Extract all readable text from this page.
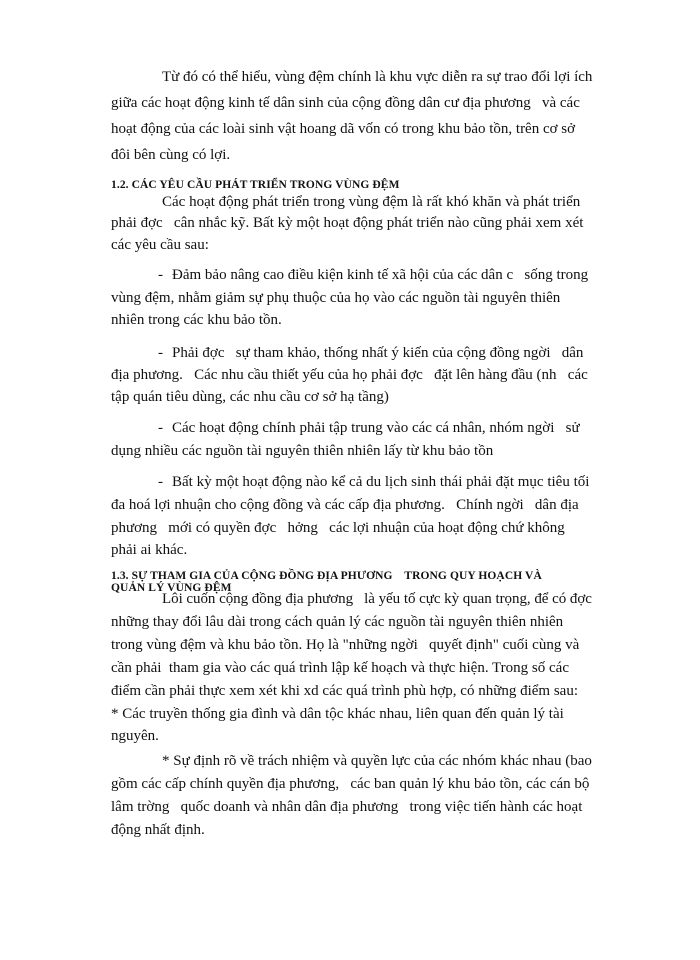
Từ đó có thể hiểu, vùng đệm chính là khu vực diễn ra sự trao đổi lợi ích
giữa các hoạt động kinh tế dân sinh của cộng đồng dân cư địa phương   và các
hoạt động của các loài sinh vật hoang dã vốn có trong khu bảo tồn, trên cơ sở
đôi bên cùng có lợi.
1.2. CÁC YÊU CẦU PHÁT TRIỂN TRONG VÙNG ĐỆM
Các hoạt động phát triển trong vùng đệm là rất khó khăn và phát triển
phải đợc   cân nhắc kỹ. Bất kỳ một hoạt động phát triển nào cũng phải xem xét
các yêu cầu sau:
- Đảm bảo nâng cao điều kiện kinh tế xã hội của các dân c   sống trong
vùng đệm, nhằm giảm sự phụ thuộc của họ vào các nguồn tài nguyên thiên
nhiên trong các khu bảo tồn.
- Phải đợc   sự tham khảo, thống nhất ý kiến của cộng đồng ngời   dân
địa phương.   Các nhu cầu thiết yếu của họ phải đợc   đặt lên hàng đầu (nh   các
tập quán tiêu dùng, các nhu cầu cơ sở hạ tầng)
- Các hoạt động chính phải tập trung vào các cá nhân, nhóm ngời   sử
dụng nhiều các nguồn tài nguyên thiên nhiên lấy từ khu bảo tồn
- Bất kỳ một hoạt động nào kể cả du lịch sinh thái phải đặt mục tiêu tối
đa hoá lợi nhuận cho cộng đồng và các cấp địa phương.   Chính ngời   dân địa
phương   mới có quyền đợc   hởng   các lợi nhuận của hoạt động chứ không
phải ai khác.
1.3. SỰ THAM GIA CỦA CỘNG ĐỒNG ĐỊA PHƯƠNG    TRONG QUY HOẠCH VÀ
QUẢN LÝ VÙNG ĐỆM
Lôi cuốn cộng đồng địa phương   là yếu tố cực kỳ quan trọng, để có đợc
những thay đổi lâu dài trong cách quản lý các nguồn tài nguyên thiên nhiên
trong vùng đệm và khu bảo tồn. Họ là "những ngời   quyết định" cuối cùng và
cần phải  tham gia vào các quá trình lập kế hoạch và thực hiện. Trong số các
điểm cần phải thực xem xét khi xd các quá trình phù hợp, có những điểm sau:
* Các truyền thống gia đình và dân tộc khác nhau, liên quan đến quản lý tài
nguyên.
* Sự định rõ về trách nhiệm và quyền lực của các nhóm khác nhau (bao
gồm các cấp chính quyền địa phương,   các ban quản lý khu bảo tồn, các cán bộ
lâm trờng   quốc doanh và nhân dân địa phương   trong việc tiến hành các hoạt
động nhất định.
